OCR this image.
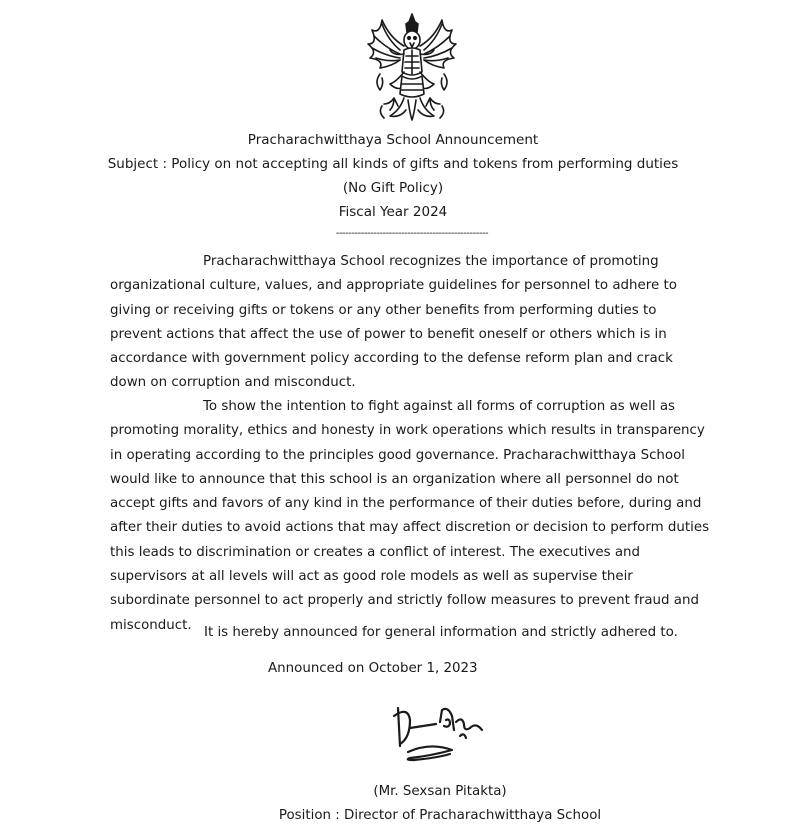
Pracharachwitthaya School Announcement
Subject : Policy on not accepting all kinds of gifts and tokens from performing duties
(No Gift Policy)
Fiscal Year 2024
-------------------------------------------------
Pracharachwitthaya School recognizes the importance of promoting organizational culture, values, and appropriate guidelines for personnel to adhere to giving or receiving gifts or tokens or any other benefits from performing duties to prevent actions that affect the use of power to benefit oneself or others which is in accordance with government policy according to the defense reform plan and crack down on corruption and misconduct.
To show the intention to fight against all forms of corruption as well as promoting morality, ethics and honesty in work operations which results in transparency in operating according to the principles good governance. Pracharachwitthaya School would like to announce that this school is an organization where all personnel do not accept gifts and favors of any kind in the performance of their duties before, during and after their duties to avoid actions that may affect discretion or decision to perform duties this leads to discrimination or creates a conflict of interest. The executives and supervisors at all levels will act as good role models as well as supervise their subordinate personnel to act properly and strictly follow measures to prevent fraud and misconduct. It is hereby announced for general information and strictly adhered to.
Announced on October 1, 2023
(Mr. Sexsan Pitakta)
Position : Director of Pracharachwitthaya School
